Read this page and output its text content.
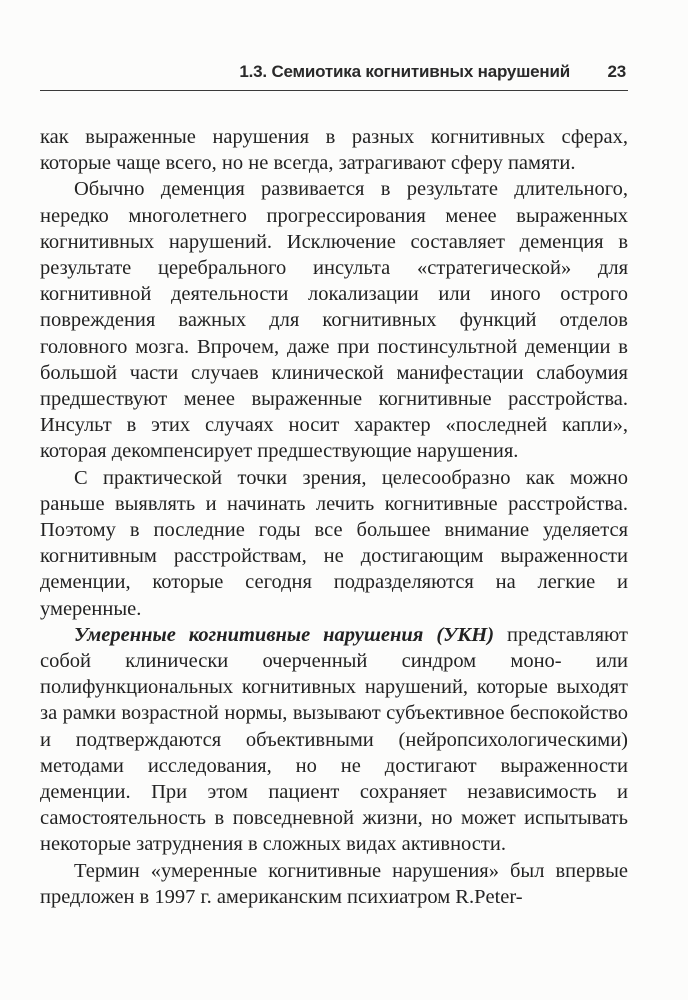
1.3. Семиотика когнитивных нарушений 23

как выраженные нарушения в разных когнитивных сферах, которые чаще всего, но не всегда, затрагивают сферу памяти.

Обычно деменция развивается в результате длительного, нередко многолетнего прогрессирования менее выраженных когнитивных нарушений. Исключение составляет деменция в результате церебрального инсульта «стратегической» для когнитивной деятельности локализации или иного острого повреждения важных для когнитивных функций отделов головного мозга. Впрочем, даже при постинсультной деменции в большой части случаев клинической манифестации слабоумия предшествуют менее выраженные когнитивные расстройства. Инсульт в этих случаях носит характер «последней капли», которая декомпенсирует предшествующие нарушения.

С практической точки зрения, целесообразно как можно раньше выявлять и начинать лечить когнитивные расстройства. Поэтому в последние годы все большее внимание уделяется когнитивным расстройствам, не достигающим выраженности деменции, которые сегодня подразделяются на легкие и умеренные.

Умеренные когнитивные нарушения (УКН) представляют собой клинически очерченный синдром моно- или полифункциональных когнитивных нарушений, которые выходят за рамки возрастной нормы, вызывают субъективное беспокойство и подтверждаются объективными (нейропсихологическими) методами исследования, но не достигают выраженности деменции. При этом пациент сохраняет независимость и самостоятельность в повседневной жизни, но может испытывать некоторые затруднения в сложных видах активности.

Термин «умеренные когнитивные нарушения» был впервые предложен в 1997 г. американским психиатром R.Peter-
